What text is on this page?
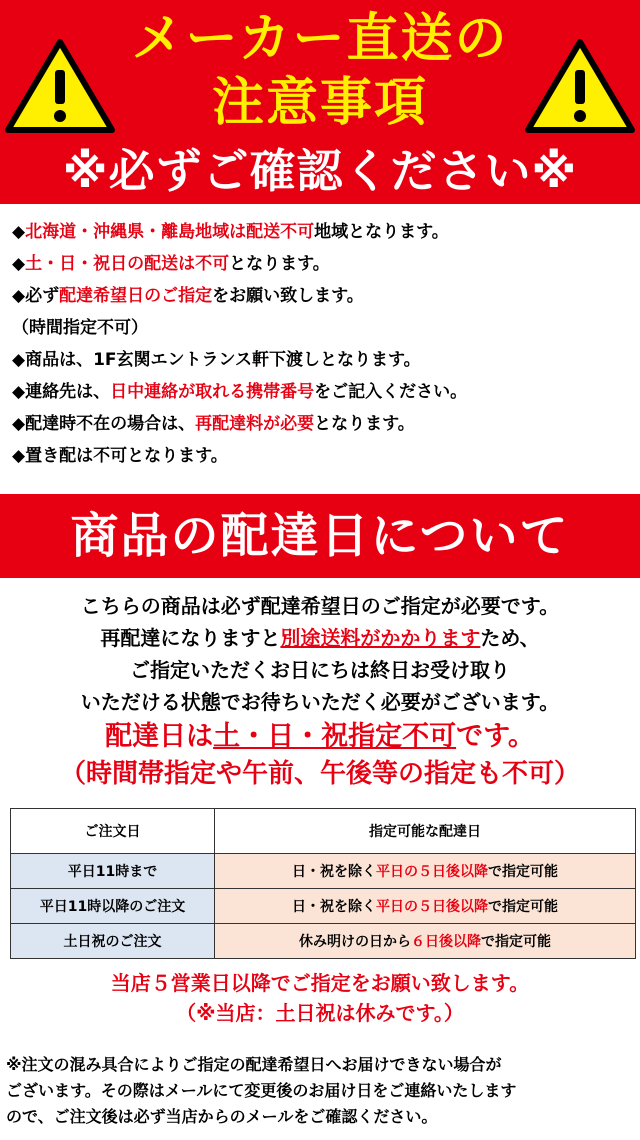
メーカー直送の
注意事項
※必ずご確認ください※
◆北海道・沖縄県・離島地域は配送不可地域となります。
◆土・日・祝日の配送は不可となります。
◆必ず配達希望日のご指定をお願い致します。
（時間指定不可）
◆商品は、1F玄関エントランス軒下渡しとなります。
◆連絡先は、日中連絡が取れる携帯番号をご記入ください。
◆配達時不在の場合は、再配達料が必要となります。
◆置き配は不可となります。
商品の配達日について
こちらの商品は必ず配達希望日のご指定が必要です。
再配達になりますと別途送料がかかりますため、
ご指定いただくお日にちは終日お受け取り
いただける状態でお待ちいただく必要がございます。
配達日は土・日・祝指定不可です。
（時間帯指定や午前、午後等の指定も不可）
ご注文日	指定可能な配達日
平日11時まで	日・祝を除く平日の５日後以降で指定可能
平日11時以降のご注文	日・祝を除く平日の５日後以降で指定可能
土日祝のご注文	休み明けの日から６日後以降で指定可能
当店５営業日以降でご指定をお願い致します。
（※当店：土日祝は休みです。）
※注文の混み具合によりご指定の配達希望日へお届けできない場合が
ございます。その際はメールにて変更後のお届け日をご連絡いたします
ので、ご注文後は必ず当店からのメールをご確認ください。
